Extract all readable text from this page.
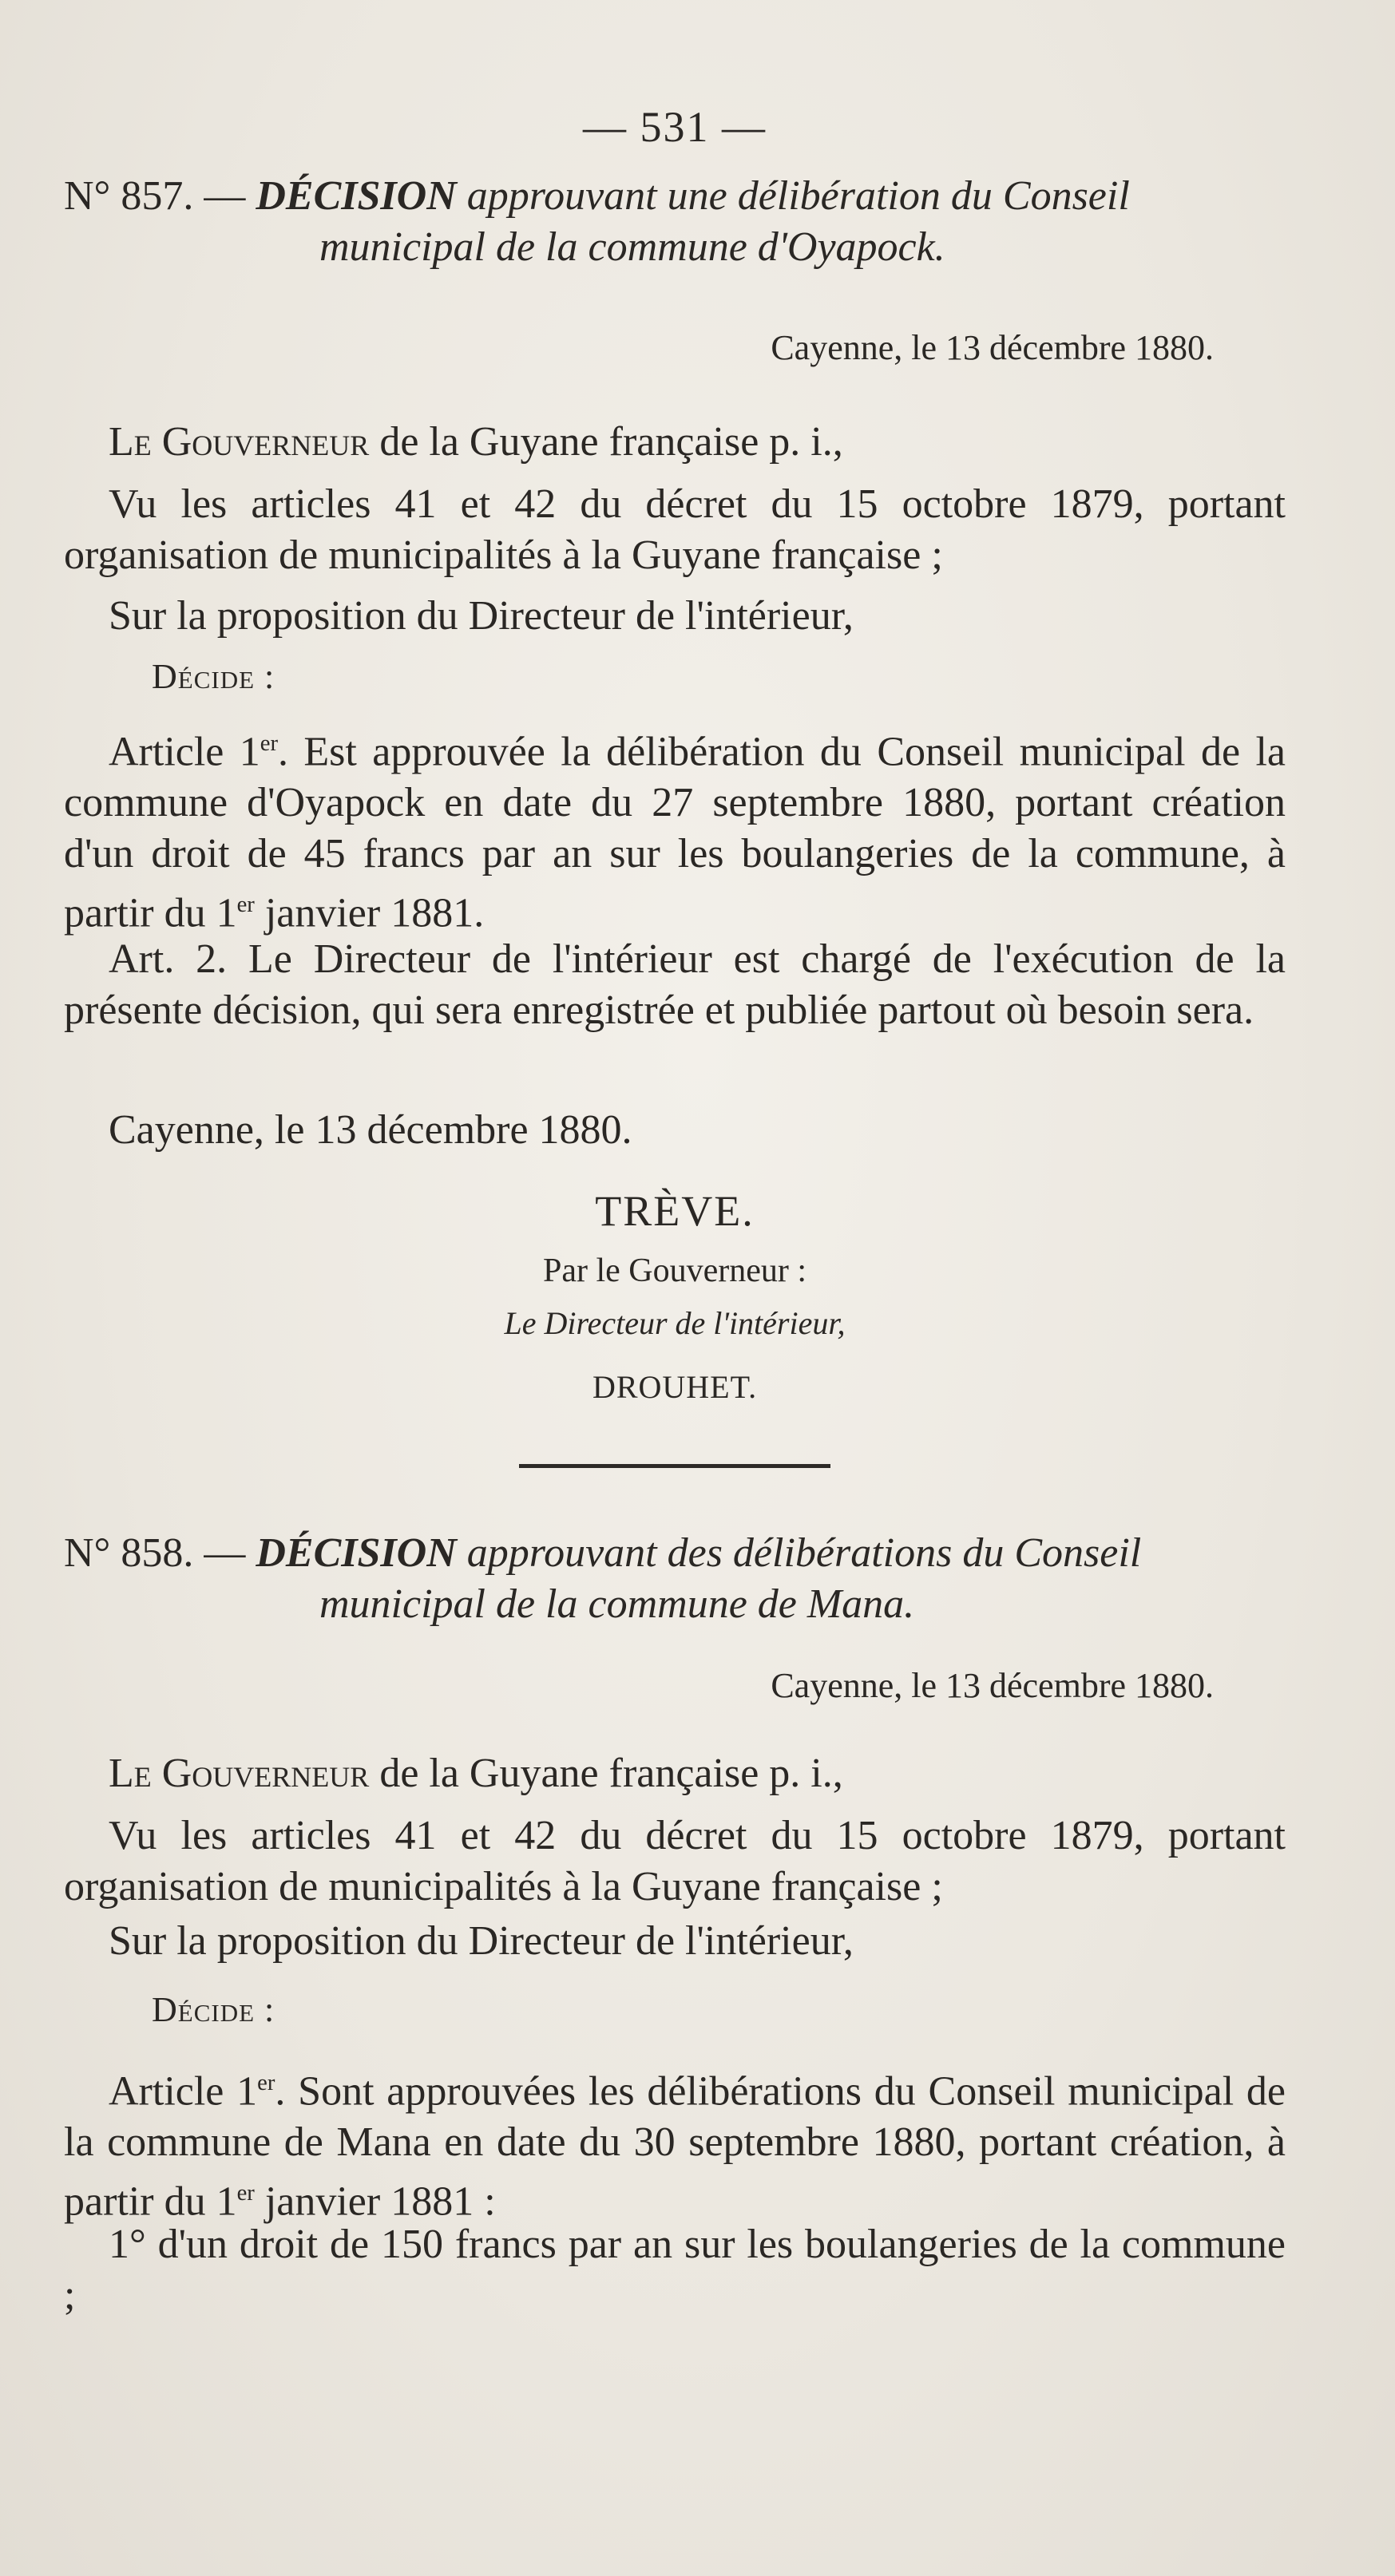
— 531 —
N° 857. — DÉCISION approuvant une délibération du Conseil
municipal de la commune d'Oyapock.
Cayenne, le 13 décembre 1880.
Le Gouverneur de la Guyane française p. i.,
Vu les articles 41 et 42 du décret du 15 octobre 1879, portant organisation de municipalités à la Guyane française ;
Sur la proposition du Directeur de l'intérieur,
Décide :
Article 1er. Est approuvée la délibération du Conseil municipal de la commune d'Oyapock en date du 27 septembre 1880, portant création d'un droit de 45 francs par an sur les boulangeries de la commune, à partir du 1er janvier 1881.
Art. 2. Le Directeur de l'intérieur est chargé de l'exécution de la présente décision, qui sera enregistrée et publiée partout où besoin sera.
Cayenne, le 13 décembre 1880.
TRÈVE.
Par le Gouverneur :
Le Directeur de l'intérieur,
DROUHET.
N° 858. — DÉCISION approuvant des délibérations du Conseil
municipal de la commune de Mana.
Cayenne, le 13 décembre 1880.
Le Gouverneur de la Guyane française p. i.,
Vu les articles 41 et 42 du décret du 15 octobre 1879, portant organisation de municipalités à la Guyane française ;
Sur la proposition du Directeur de l'intérieur,
Décide :
Article 1er. Sont approuvées les délibérations du Conseil municipal de la commune de Mana en date du 30 septembre 1880, portant création, à partir du 1er janvier 1881 :
1° d'un droit de 150 francs par an sur les boulangeries de la commune ;
